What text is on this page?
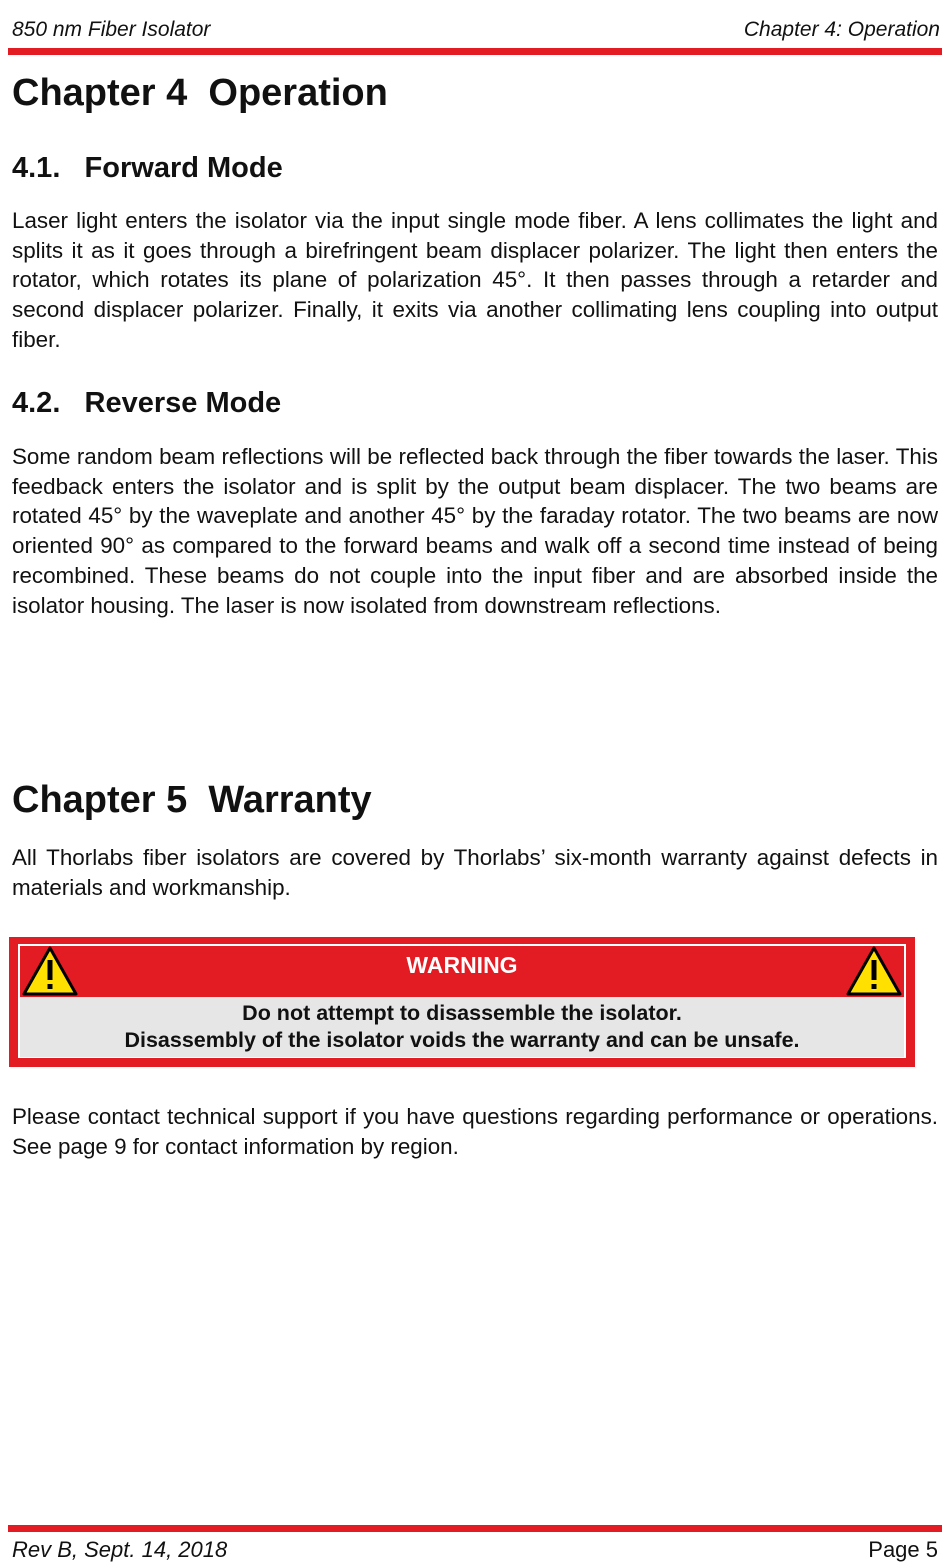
850 nm Fiber Isolator	Chapter 4: Operation
Chapter 4  Operation
4.1.   Forward Mode

Laser light enters the isolator via the input single mode fiber. A lens collimates the light and splits it as it goes through a birefringent beam displacer polarizer. The light then enters the rotator, which rotates its plane of polarization 45°. It then passes through a retarder and second displacer polarizer. Finally, it exits via another collimating lens coupling into output fiber.

4.2.   Reverse Mode

Some random beam reflections will be reflected back through the fiber towards the laser. This feedback enters the isolator and is split by the output beam displacer. The two beams are rotated 45° by the waveplate and another 45° by the faraday rotator. The two beams are now oriented 90° as compared to the forward beams and walk off a second time instead of being recombined. These beams do not couple into the input fiber and are absorbed inside the isolator housing. The laser is now isolated from downstream reflections.

Chapter 5  Warranty

All Thorlabs fiber isolators are covered by Thorlabs’ six-month warranty against defects in materials and workmanship.

WARNING
Do not attempt to disassemble the isolator.
Disassembly of the isolator voids the warranty and can be unsafe.

Please contact technical support if you have questions regarding performance or operations. See page 9 for contact information by region.

Rev B, Sept. 14, 2018	Page 5
